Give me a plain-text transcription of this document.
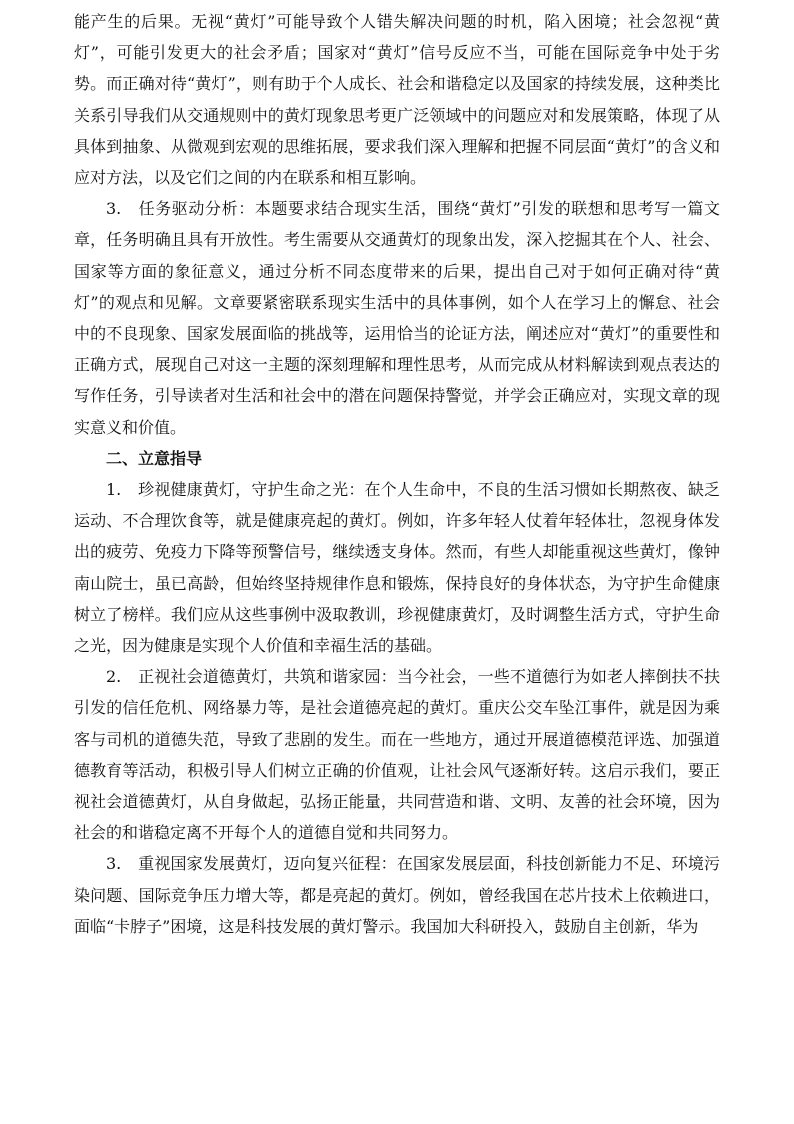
能产生的后果。无视“黄灯”可能导致个人错失解决问题的时机，陷入困境；社会忽视“黄灯”，可能引发更大的社会矛盾；国家对“黄灯”信号反应不当，可能在国际竞争中处于劣势。而正确对待“黄灯”，则有助于个人成长、社会和谐稳定以及国家的持续发展，这种类比关系引导我们从交通规则中的黄灯现象思考更广泛领域中的问题应对和发展策略，体现了从具体到抽象、从微观到宏观的思维拓展，要求我们深入理解和把握不同层面“黄灯”的含义和应对方法，以及它们之间的内在联系和相互影响。

3. 任务驱动分析：本题要求结合现实生活，围绕“黄灯”引发的联想和思考写一篇文章，任务明确且具有开放性。考生需要从交通黄灯的现象出发，深入挖掘其在个人、社会、国家等方面的象征意义，通过分析不同态度带来的后果，提出自己对于如何正确对待“黄灯”的观点和见解。文章要紧密联系现实生活中的具体事例，如个人在学习上的懈怠、社会中的不良现象、国家发展面临的挑战等，运用恰当的论证方法，阐述应对“黄灯”的重要性和正确方式，展现自己对这一主题的深刻理解和理性思考，从而完成从材料解读到观点表达的写作任务，引导读者对生活和社会中的潜在问题保持警觉，并学会正确应对，实现文章的现实意义和价值。

二、立意指导

1. 珍视健康黄灯，守护生命之光：在个人生命中，不良的生活习惯如长期熬夜、缺乏运动、不合理饮食等，就是健康亮起的黄灯。例如，许多年轻人仗着年轻体壮，忽视身体发出的疲劳、免疫力下降等预警信号，继续透支身体。然而，有些人却能重视这些黄灯，像钟南山院士，虽已高龄，但始终坚持规律作息和锻炼，保持良好的身体状态，为守护生命健康树立了榜样。我们应从这些事例中汲取教训，珍视健康黄灯，及时调整生活方式，守护生命之光，因为健康是实现个人价值和幸福生活的基础。

2. 正视社会道德黄灯，共筑和谐家园：当今社会，一些不道德行为如老人摔倒扶不扶引发的信任危机、网络暴力等，是社会道德亮起的黄灯。重庆公交车坠江事件，就是因为乘客与司机的道德失范，导致了悲剧的发生。而在一些地方，通过开展道德模范评选、加强道德教育等活动，积极引导人们树立正确的价值观，让社会风气逐渐好转。这启示我们，要正视社会道德黄灯，从自身做起，弘扬正能量，共同营造和谐、文明、友善的社会环境，因为社会的和谐稳定离不开每个人的道德自觉和共同努力。

3. 重视国家发展黄灯，迈向复兴征程：在国家发展层面，科技创新能力不足、环境污染问题、国际竞争压力增大等，都是亮起的黄灯。例如，曾经我国在芯片技术上依赖进口，面临“卡脖子”困境，这是科技发展的黄灯警示。我国加大科研投入，鼓励自主创新，华为
